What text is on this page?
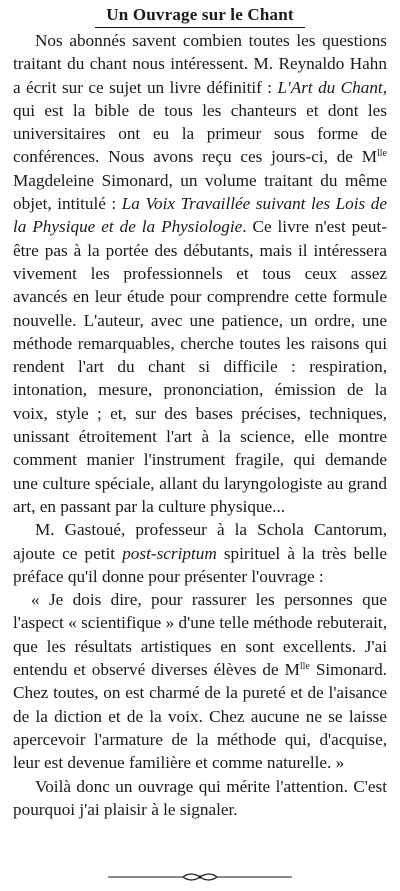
Un Ouvrage sur le Chant

Nos abonnés savent combien toutes les questions traitant du chant nous intéressent. M. Reynaldo Hahn a écrit sur ce sujet un livre définitif : L'Art du Chant, qui est la bible de tous les chanteurs et dont les universitaires ont eu la primeur sous forme de conférences. Nous avons reçu ces jours-ci, de $M^{lle}$ Magdeleine Simonard, un volume traitant du même objet, intitulé : La Voix Travaillée suivant les Lois de la Physique et de la Physiologie. Ce livre n'est peut-être pas à la portée des débutants, mais il intéressera vivement les professionnels et tous ceux assez avancés en leur étude pour comprendre cette formule nouvelle. L'auteur, avec une patience, un ordre, une méthode remarquables, cherche toutes les raisons qui rendent l'art du chant si difficile : respiration, intonation, mesure, prononciation, émission de la voix, style ; et, sur des bases précises, techniques, unissant étroitement l'art à la science, elle montre comment manier l'instrument fragile, qui demande une culture spéciale, allant du laryngologiste au grand art, en passant par la culture physique...

M. Gastoué, professeur à la Schola Cantorum, ajoute ce petit post-scriptum spirituel à la très belle préface qu'il donne pour présenter l'ouvrage :

« Je dois dire, pour rassurer les personnes que l'aspect « scientifique » d'une telle méthode rebuterait, que les résultats artistiques en sont excellents. J'ai entendu et observé diverses élèves de $M^{lle}$ Simonard. Chez toutes, on est charmé de la pureté et de l'aisance de la diction et de la voix. Chez aucune ne se laisse apercevoir l'armature de la méthode qui, d'acquise, leur est devenue familière et comme naturelle. »

Voilà donc un ouvrage qui mérite l'attention. C'est pourquoi j'ai plaisir à le signaler.
